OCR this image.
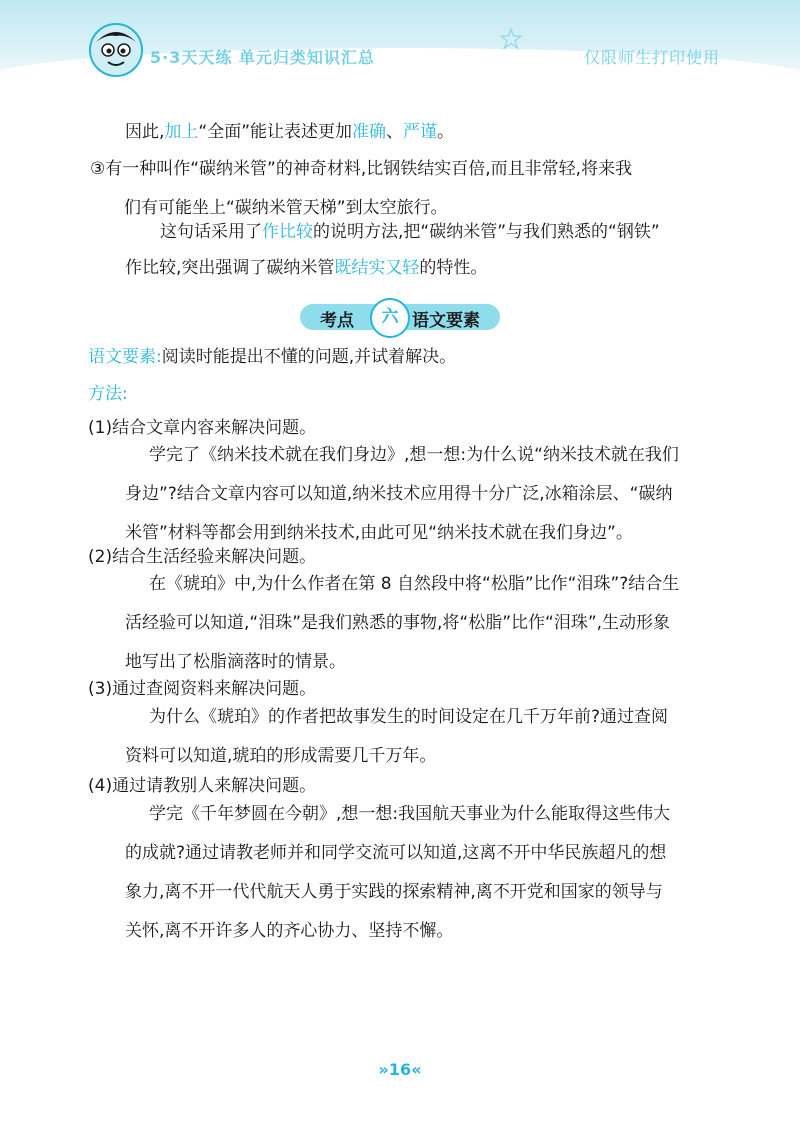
5·3天天练 单元归类知识汇总	仅限师生打印使用
因此,加上“全面”能让表述更加准确、严谨。
③有一种叫作“碳纳米管”的神奇材料,比钢铁结实百倍,而且非常轻,将来我
们有可能坐上“碳纳米管天梯”到太空旅行。
这句话采用了作比较的说明方法,把“碳纳米管”与我们熟悉的“钢铁”
作比较,突出强调了碳纳米管既结实又轻的特性。
考点	六 语文要素
语文要素:阅读时能提出不懂的问题,并试着解决。
方法:
(1)结合文章内容来解决问题。
学完了《纳米技术就在我们身边》,想一想:为什么说“纳米技术就在我们
身边”?结合文章内容可以知道,纳米技术应用得十分广泛,冰箱涂层、“碳纳
米管”材料等都会用到纳米技术,由此可见“纳米技术就在我们身边”。
(2)结合生活经验来解决问题。
在《琥珀》中,为什么作者在第 8 自然段中将“松脂”比作“泪珠”?结合生
活经验可以知道,“泪珠”是我们熟悉的事物,将“松脂”比作“泪珠”,生动形象
地写出了松脂滴落时的情景。
(3)通过查阅资料来解决问题。
为什么《琥珀》的作者把故事发生的时间设定在几千万年前?通过查阅
资料可以知道,琥珀的形成需要几千万年。
(4)通过请教别人来解决问题。
学完《千年梦圆在今朝》,想一想:我国航天事业为什么能取得这些伟大
的成就?通过请教老师并和同学交流可以知道,这离不开中华民族超凡的想
象力,离不开一代代航天人勇于实践的探索精神,离不开党和国家的领导与
关怀,离不开许多人的齐心协力、坚持不懈。
»16«
